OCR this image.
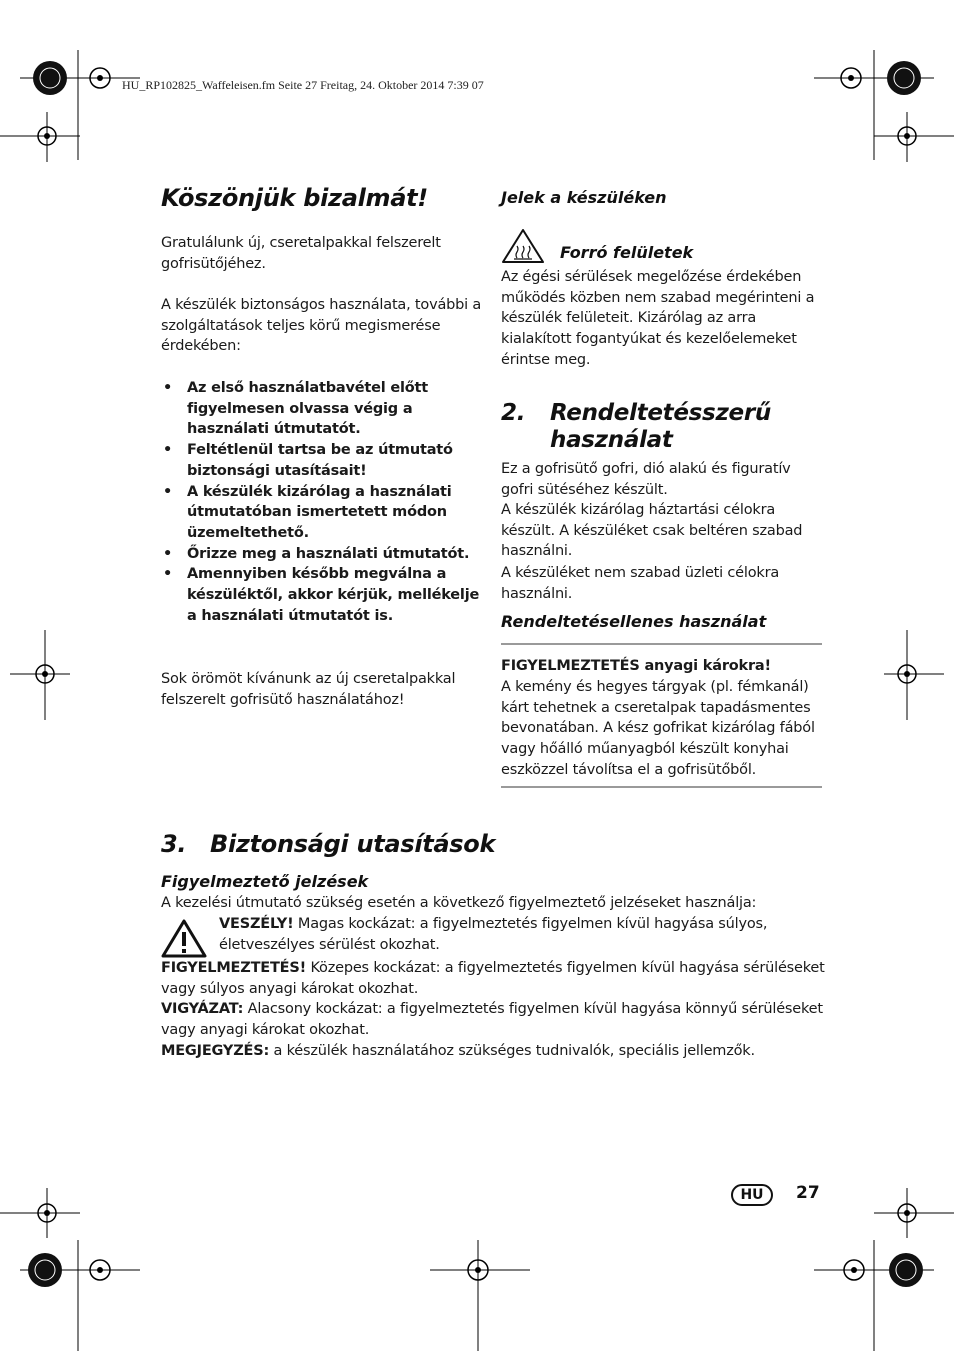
HU_RP102825_Waffeleisen.fm Seite 27 Freitag, 24. Oktober 2014 7:39 07
Köszönjük bizalmát!
Gratulálunk új, cseretalpakkal felszerelt gofrisütőjéhez.
A készülék biztonságos használata, további a szolgáltatások teljes körű megismerése érdekében:
• Az első használatbavétel előtt figyelmesen olvassa végig a használati útmutatót.
• Feltétlenül tartsa be az útmutató biztonsági utasításait!
• A készülék kizárólag a használati útmutatóban ismertetett módon üzemeltethető.
• Őrizze meg a használati útmutatót.
• Amennyiben később megválna a készüléktől, akkor kérjük, mellékelje a használati útmutatót is.
Sok örömöt kívánunk az új cseretalpakkal felszerelt gofrisütő használatához!
Jelek a készüléken
Forró felületek
Az égési sérülések megelőzése érdekében működés közben nem szabad megérinteni a készülék felületeit. Kizárólag az arra kialakított fogantyúkat és kezelőelemeket érintse meg.
2. Rendeltetésszerű használat
Ez a gofrisütő gofri, dió alakú és figuratív gofri sütéséhez készült.
A készülék kizárólag háztartási célokra készült. A készüléket csak beltéren szabad használni.
A készüléket nem szabad üzleti célokra használni.
Rendeltetésellenes használat
FIGYELMEZTETÉS anyagi károkra!
A kemény és hegyes tárgyak (pl. fémkanál) kárt tehetnek a cseretalpak tapadásmentes bevonatában. A kész gofrikat kizárólag fából vagy hőálló műanyagból készült konyhai eszközzel távolítsa el a gofrisütőből.
3. Biztonsági utasítások
Figyelmeztető jelzések
A kezelési útmutató szükség esetén a következő figyelmeztető jelzéseket használja:
VESZÉLY! Magas kockázat: a figyelmeztetés figyelmen kívül hagyása súlyos, életveszélyes sérülést okozhat.
FIGYELMEZTETÉS! Közepes kockázat: a figyelmeztetés figyelmen kívül hagyása sérüléseket vagy súlyos anyagi károkat okozhat.
VIGYÁZAT: Alacsony kockázat: a figyelmeztetés figyelmen kívül hagyása könnyű sérüléseket vagy anyagi károkat okozhat.
MEGJEGYZÉS: a készülék használatához szükséges tudnivalók, speciális jellemzők.
HU	27
